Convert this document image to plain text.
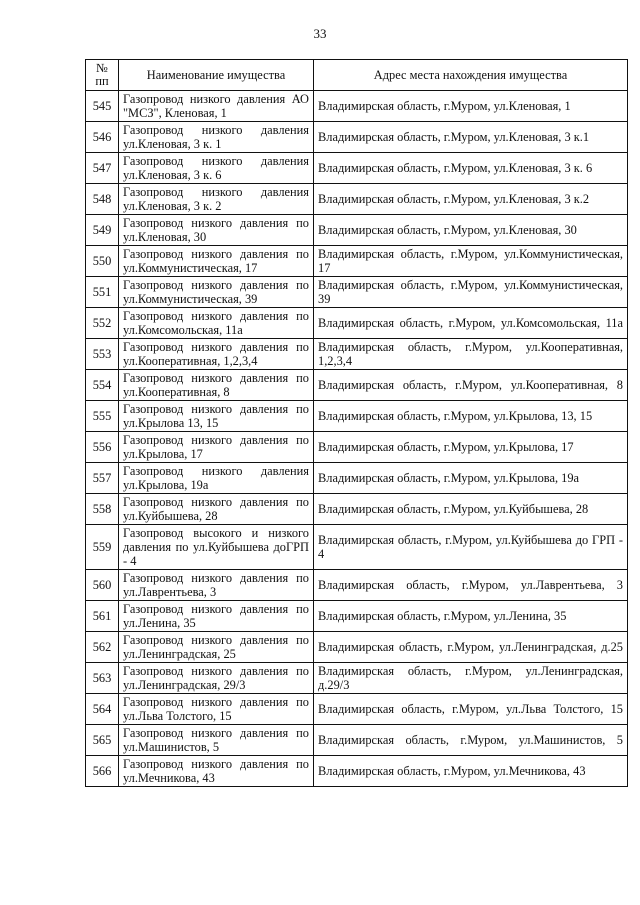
33
№ пп	Наименование имущества	Адрес места нахождения имущества
545	Газопровод низкого давления АО "МСЗ", Кленовая, 1	Владимирская область, г.Муром, ул.Кленовая, 1
546	Газопровод низкого давления ул.Кленовая, 3 к. 1	Владимирская область, г.Муром, ул.Кленовая, 3 к.1
547	Газопровод низкого давления ул.Кленовая, 3 к. 6	Владимирская область, г.Муром, ул.Кленовая, 3 к. 6
548	Газопровод низкого давления ул.Кленовая, 3 к. 2	Владимирская область, г.Муром, ул.Кленовая, 3 к.2
549	Газопровод низкого давления по ул.Кленовая, 30	Владимирская область, г.Муром, ул.Кленовая, 30
550	Газопровод низкого давления по ул.Коммунистическая, 17	Владимирская область, г.Муром, ул.Коммунистическая, 17
551	Газопровод низкого давления по ул.Коммунистическая, 39	Владимирская область, г.Муром, ул.Коммунистическая, 39
552	Газопровод низкого давления по ул.Комсомольская, 11а	Владимирская область, г.Муром, ул.Комсомольская, 11а
553	Газопровод низкого давления по ул.Кооперативная, 1,2,3,4	Владимирская область, г.Муром, ул.Кооперативная, 1,2,3,4
554	Газопровод низкого давления по ул.Кооперативная, 8	Владимирская область, г.Муром, ул.Кооперативная, 8
555	Газопровод низкого давления по ул.Крылова 13, 15	Владимирская область, г.Муром, ул.Крылова, 13, 15
556	Газопровод низкого давления по ул.Крылова, 17	Владимирская область, г.Муром, ул.Крылова, 17
557	Газопровод низкого давления ул.Крылова, 19а	Владимирская область, г.Муром, ул.Крылова, 19а
558	Газопровод низкого давления по ул.Куйбышева, 28	Владимирская область, г.Муром, ул.Куйбышева, 28
559	Газопровод высокого и низкого давления по ул.Куйбышева доГРП - 4	Владимирская область, г.Муром, ул.Куйбышева до ГРП - 4
560	Газопровод низкого давления по ул.Лаврентьева, 3	Владимирская область, г.Муром, ул.Лаврентьева, 3
561	Газопровод низкого давления по ул.Ленина, 35	Владимирская область, г.Муром, ул.Ленина, 35
562	Газопровод низкого давления по ул.Ленинградская, 25	Владимирская область, г.Муром, ул.Ленинградская, д.25
563	Газопровод низкого давления по ул.Ленинградская, 29/3	Владимирская область, г.Муром, ул.Ленинградская, д.29/3
564	Газопровод низкого давления по ул.Льва Толстого, 15	Владимирская область, г.Муром, ул.Льва Толстого, 15
565	Газопровод низкого давления по ул.Машинистов, 5	Владимирская область, г.Муром, ул.Машинистов, 5
566	Газопровод низкого давления по ул.Мечникова, 43	Владимирская область, г.Муром, ул.Мечникова, 43
